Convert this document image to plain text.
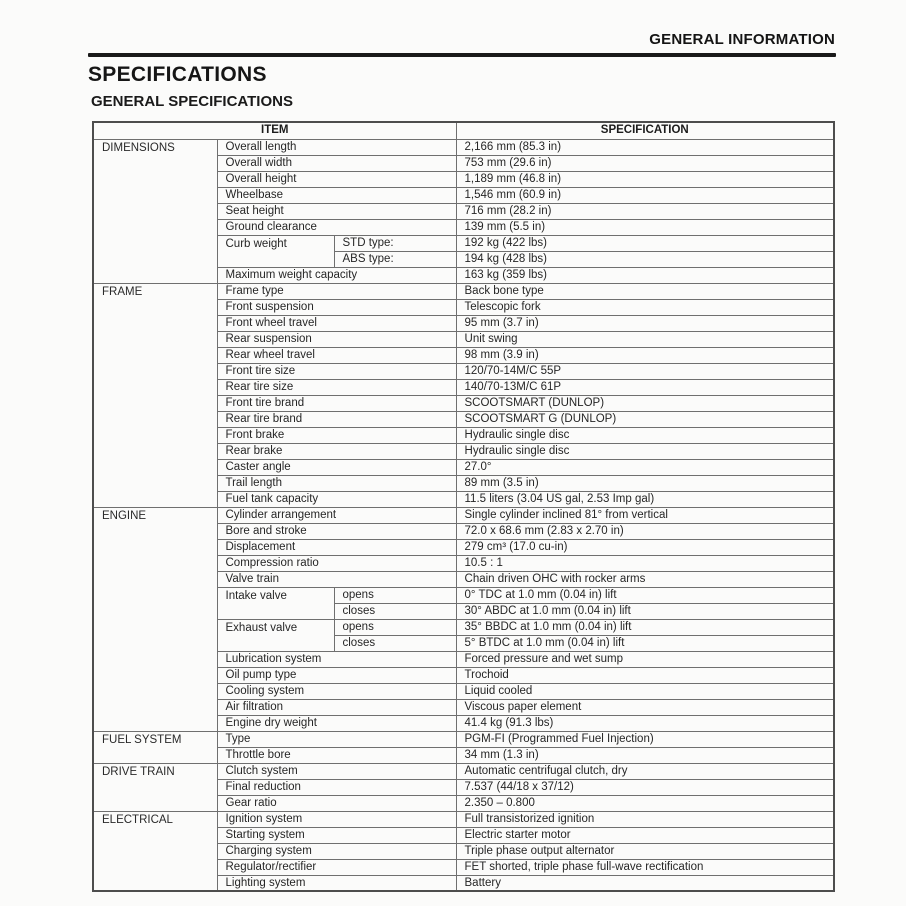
GENERAL INFORMATION
SPECIFICATIONS
GENERAL SPECIFICATIONS
ITEM			SPECIFICATION
DIMENSIONS	Overall length		2,166 mm (85.3 in)
	Overall width		753 mm (29.6 in)
	Overall height		1,189 mm (46.8 in)
	Wheelbase		1,546 mm (60.9 in)
	Seat height		716 mm (28.2 in)
	Ground clearance		139 mm (5.5 in)
	Curb weight	STD type:	192 kg (422 lbs)
		ABS type:	194 kg (428 lbs)
	Maximum weight capacity		163 kg (359 lbs)
FRAME	Frame type		Back bone type
	Front suspension		Telescopic fork
	Front wheel travel		95 mm (3.7 in)
	Rear suspension		Unit swing
	Rear wheel travel		98 mm (3.9 in)
	Front tire size		120/70-14M/C 55P
	Rear tire size		140/70-13M/C 61P
	Front tire brand		SCOOTSMART (DUNLOP)
	Rear tire brand		SCOOTSMART G (DUNLOP)
	Front brake		Hydraulic single disc
	Rear brake		Hydraulic single disc
	Caster angle		27.0°
	Trail length		89 mm (3.5 in)
	Fuel tank capacity		11.5 liters (3.04 US gal, 2.53 Imp gal)
ENGINE	Cylinder arrangement		Single cylinder inclined 81° from vertical
	Bore and stroke		72.0 x 68.6 mm (2.83 x 2.70 in)
	Displacement		279 cm³ (17.0 cu-in)
	Compression ratio		10.5 : 1
	Valve train		Chain driven OHC with rocker arms
	Intake valve	opens	0° TDC at 1.0 mm (0.04 in) lift
		closes	30° ABDC at 1.0 mm (0.04 in) lift
	Exhaust valve	opens	35° BBDC at 1.0 mm (0.04 in) lift
		closes	5° BTDC at 1.0 mm (0.04 in) lift
	Lubrication system		Forced pressure and wet sump
	Oil pump type		Trochoid
	Cooling system		Liquid cooled
	Air filtration		Viscous paper element
	Engine dry weight		41.4 kg (91.3 lbs)
FUEL SYSTEM	Type		PGM-FI (Programmed Fuel Injection)
	Throttle bore		34 mm (1.3 in)
DRIVE TRAIN	Clutch system		Automatic centrifugal clutch, dry
	Final reduction		7.537 (44/18 x 37/12)
	Gear ratio		2.350 – 0.800
ELECTRICAL	Ignition system		Full transistorized ignition
	Starting system		Electric starter motor
	Charging system		Triple phase output alternator
	Regulator/rectifier		FET shorted, triple phase full-wave rectification
	Lighting system		Battery
